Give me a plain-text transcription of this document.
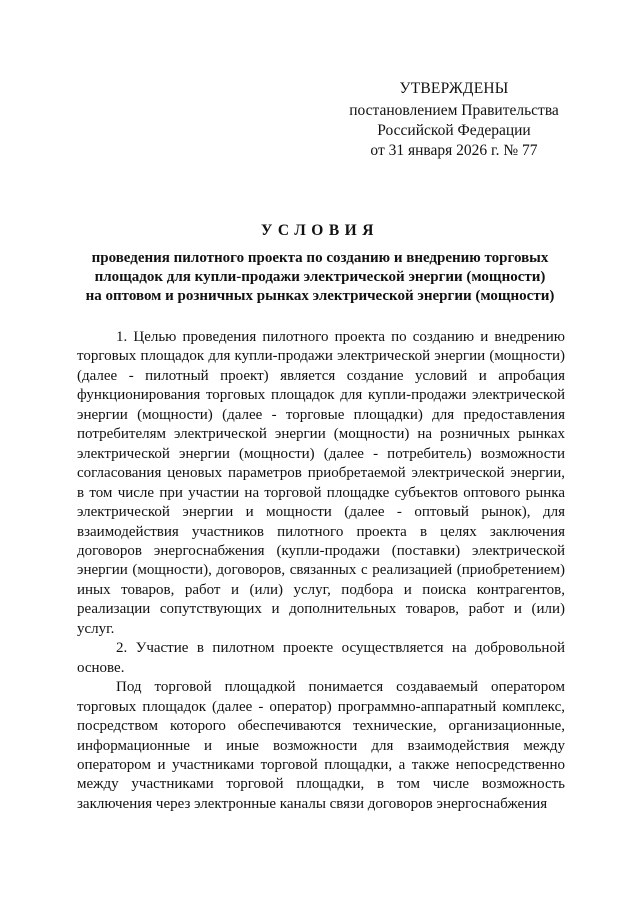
УТВЕРЖДЕНЫ
постановлением Правительства
Российской Федерации
от 31 января 2026 г. № 77
УСЛОВИЯ
проведения пилотного проекта по созданию и внедрению торговых
площадок для купли-продажи электрической энергии (мощности)
на оптовом и розничных рынках электрической энергии (мощности)

1. Целью проведения пилотного проекта по созданию и внедрению торговых площадок для купли-продажи электрической энергии (мощности) (далее - пилотный проект) является создание условий и апробация функционирования торговых площадок для купли-продажи электрической энергии (мощности) (далее - торговые площадки) для предоставления потребителям электрической энергии (мощности) на розничных рынках электрической энергии (мощности) (далее - потребитель) возможности согласования ценовых параметров приобретаемой электрической энергии, в том числе при участии на торговой площадке субъектов оптового рынка электрической энергии и мощности (далее - оптовый рынок), для взаимодействия участников пилотного проекта в целях заключения договоров энергоснабжения (купли-продажи (поставки) электрической энергии (мощности), договоров, связанных с реализацией (приобретением) иных товаров, работ и (или) услуг, подбора и поиска контрагентов, реализации сопутствующих и дополнительных товаров, работ и (или) услуг.

2. Участие в пилотном проекте осуществляется на добровольной основе.

Под торговой площадкой понимается создаваемый оператором торговых площадок (далее - оператор) программно-аппаратный комплекс, посредством которого обеспечиваются технические, организационные, информационные и иные возможности для взаимодействия между оператором и участниками торговой площадки, а также непосредственно между участниками торговой площадки, в том числе возможность заключения через электронные каналы связи договоров энергоснабжения
